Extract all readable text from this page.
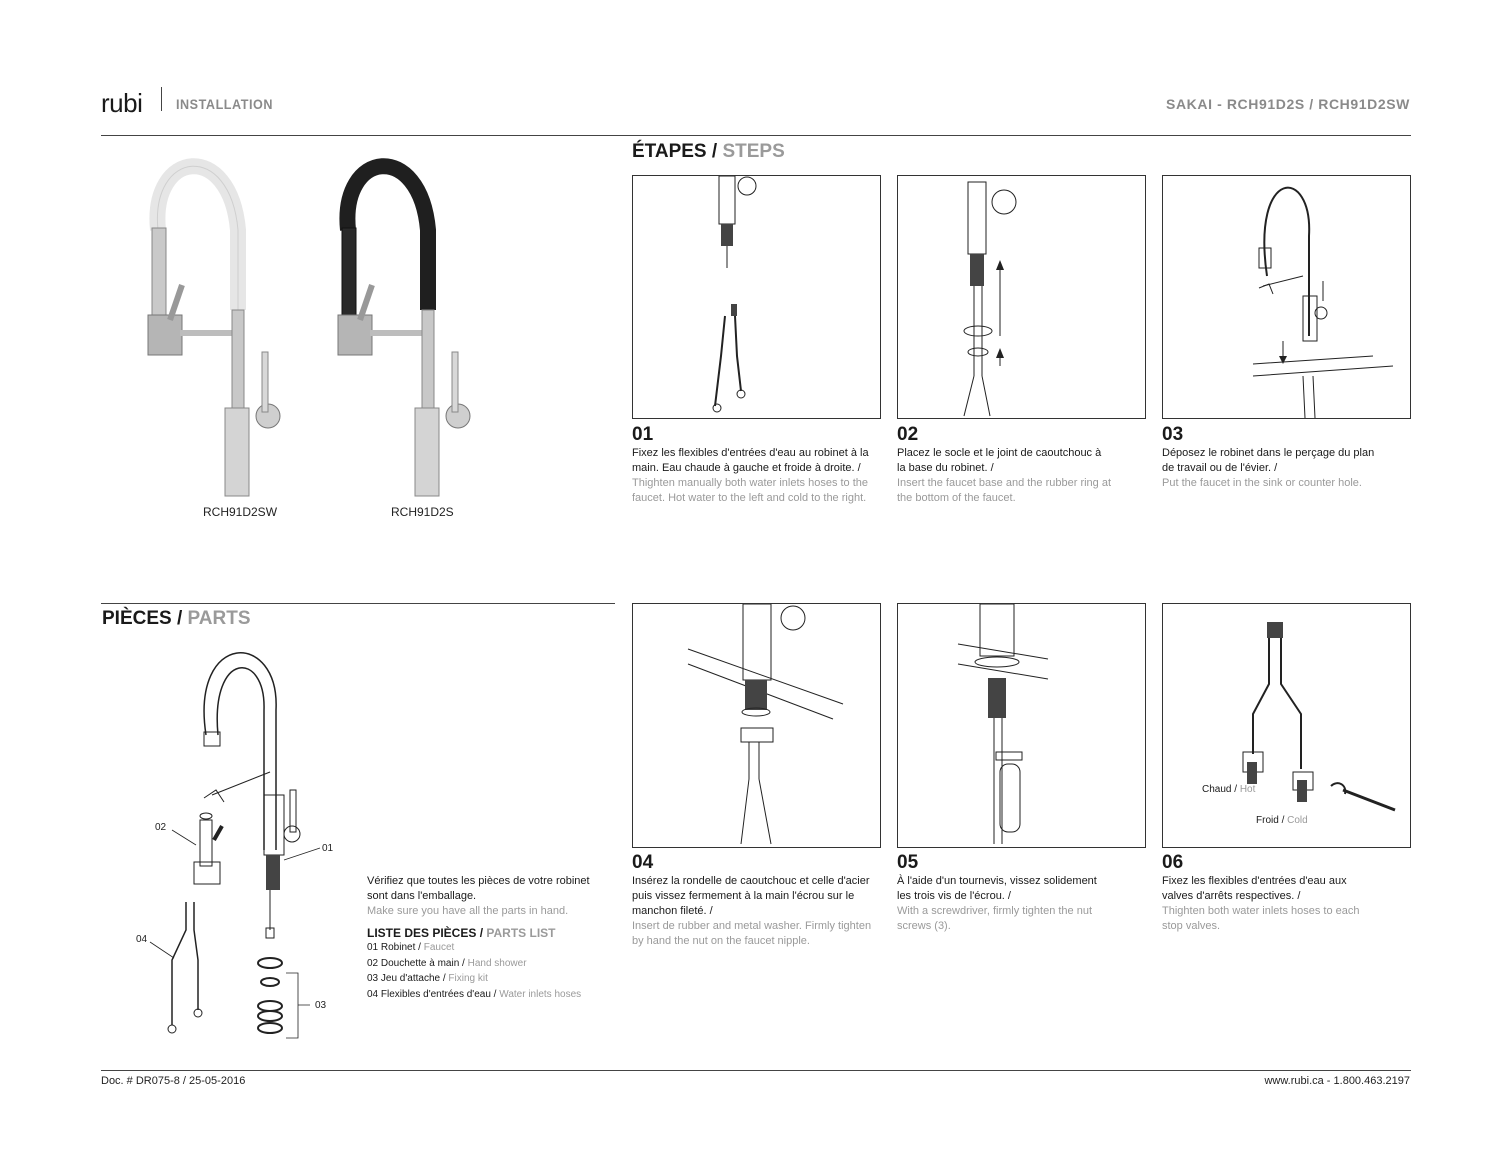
rubi INSTALLATION	SAKAI - RCH91D2S / RCH91D2SW
RCH91D2SW	RCH91D2S
ÉTAPES / STEPS
01
Fixez les flexibles d'entrées d'eau au robinet à la main. Eau chaude à gauche et froide à droite. /
Thighten manually both water inlets hoses to the faucet. Hot water to the left and cold to the right.
02
Placez le socle et le joint de caoutchouc à la base du robinet. /
Insert the faucet base and the rubber ring at the bottom of the faucet.
03
Déposez le robinet dans le perçage du plan de travail ou de l'évier. /
Put the faucet in the sink or counter hole.
PIÈCES / PARTS
01
02
03
04
Vérifiez que toutes les pièces de votre robinet sont dans l'emballage.
Make sure you have all the parts in hand.
LISTE DES PIÈCES / PARTS LIST
01 Robinet / Faucet
02 Douchette à main / Hand shower
03 Jeu d'attache / Fixing kit
04 Flexibles d'entrées d'eau / Water inlets hoses
Chaud / Hot
Froid / Cold
04
Insérez la rondelle de caoutchouc et celle d'acier puis vissez fermement à la main l'écrou sur le manchon fileté. /
Insert de rubber and metal washer. Firmly tighten by hand the nut on the faucet nipple.
05
À l'aide d'un tournevis, vissez solidement les trois vis de l'écrou. /
With a screwdriver, firmly tighten the nut screws (3).
06
Fixez les flexibles d'entrées d'eau aux valves d'arrêts respectives. /
Thighten both water inlets hoses to each stop valves.
Doc. # DR075-8 / 25-05-2016	www.rubi.ca - 1.800.463.2197
